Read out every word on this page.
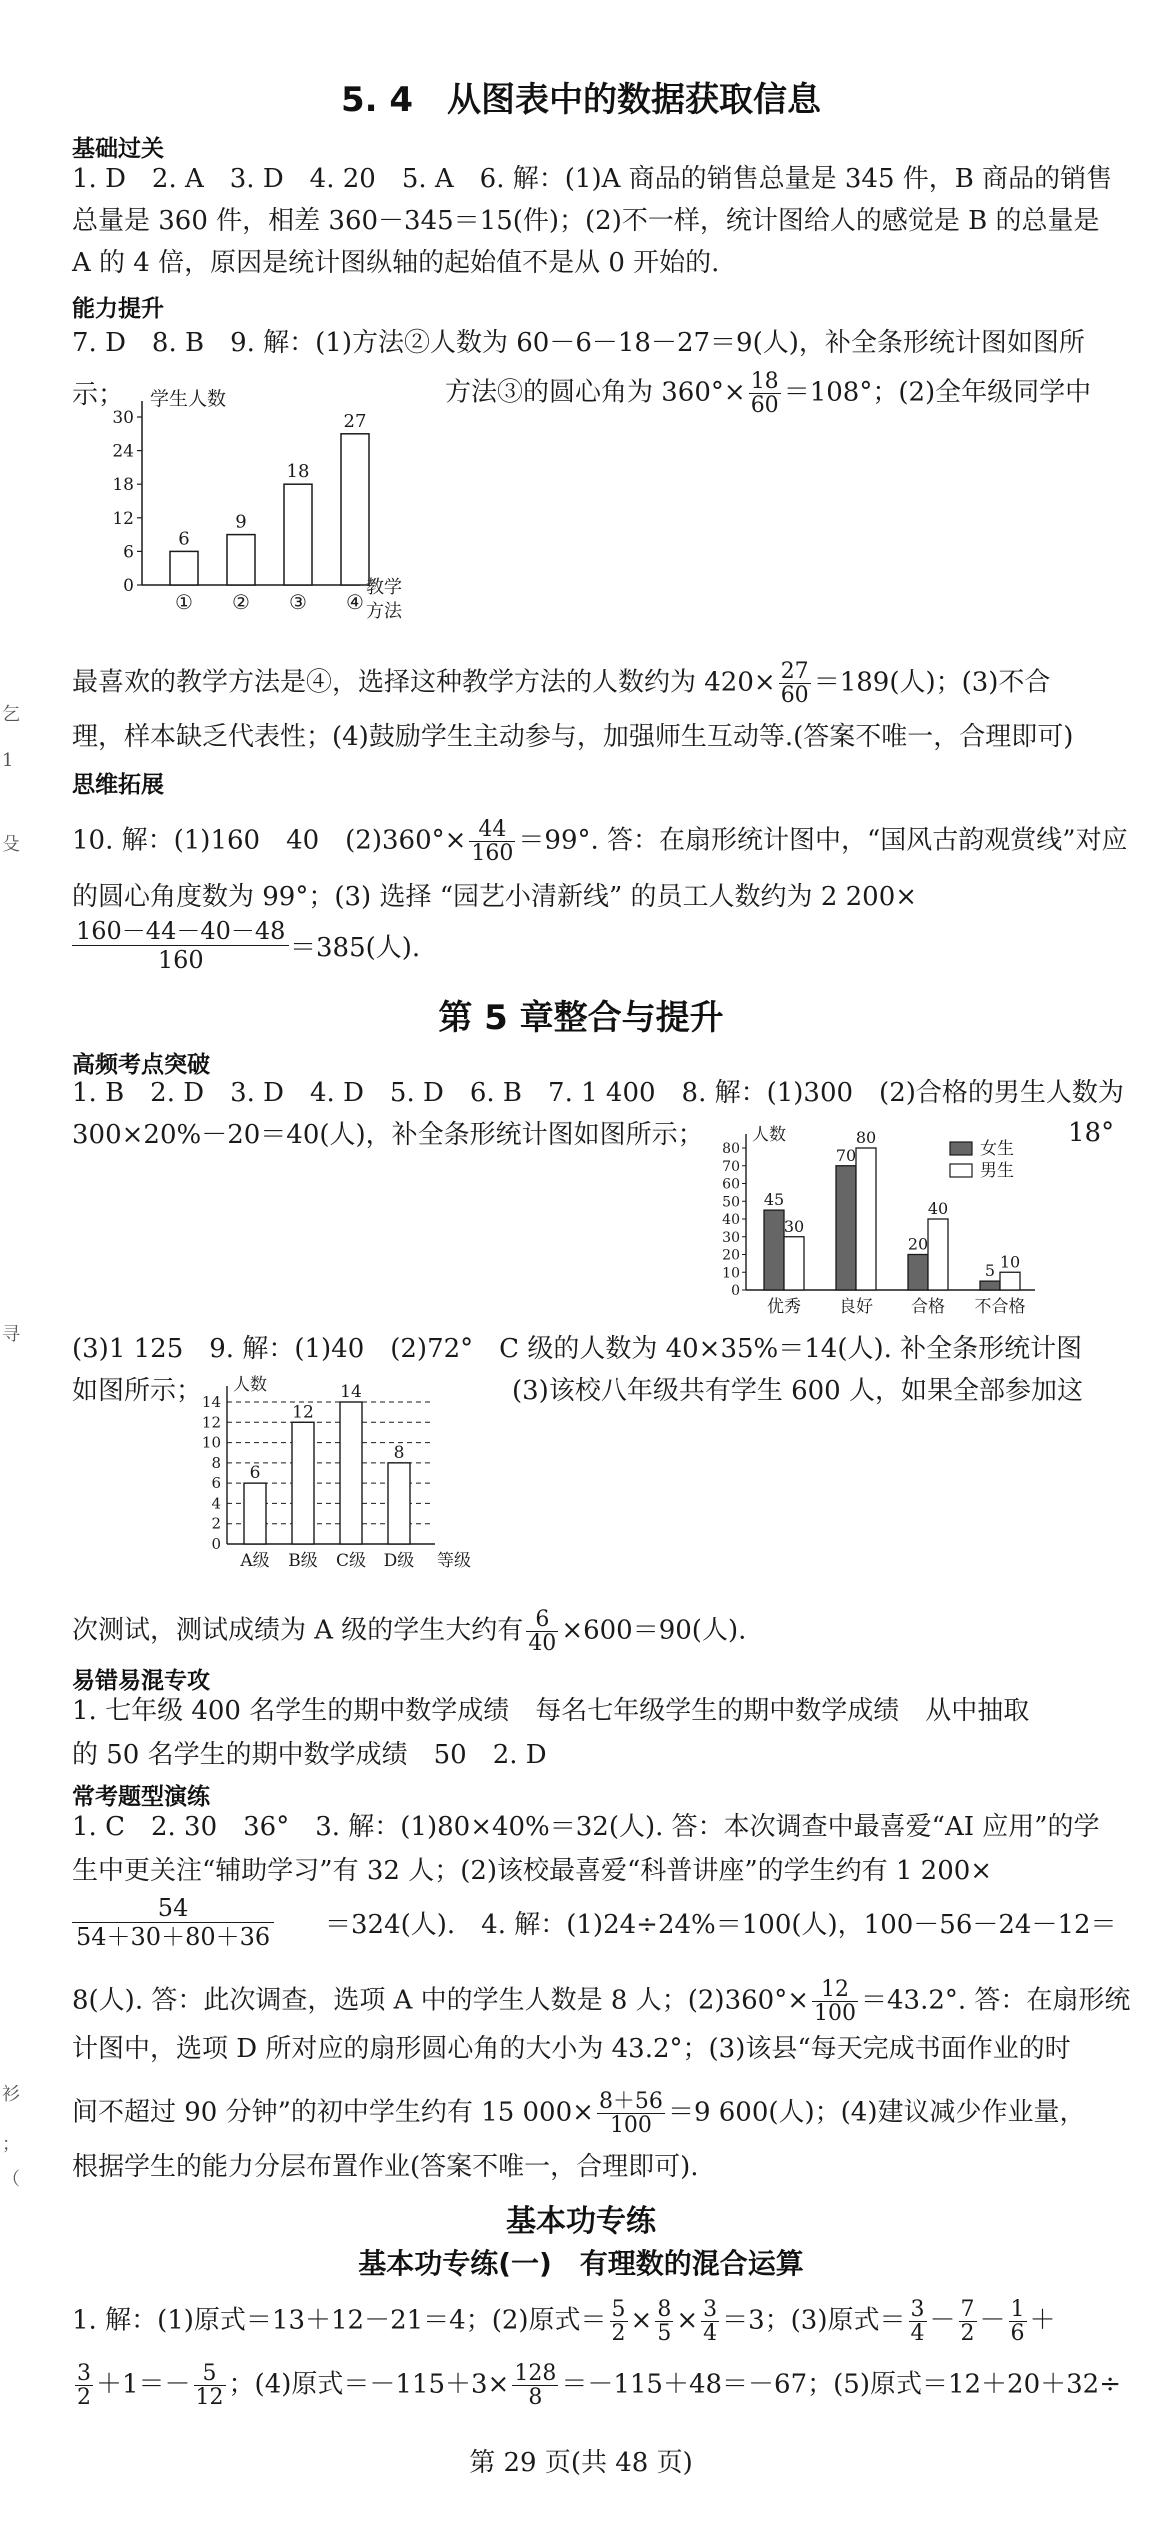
乞
1
殳
寻
衫
；
（
5. 4　从图表中的数据获取信息
基础过关
1. D　2. A　3. D　4. 20　5. A　6. 解：(1)A 商品的销售总量是 345 件，B 商品的销售
总量是 360 件，相差 360－345＝15(件)；(2)不一样，统计图给人的感觉是 B 的总量是
A 的 4 倍，原因是统计图纵轴的起始值不是从 0 开始的.
能力提升
7. D　8. B　9. 解：(1)方法②人数为 60－6－18－27＝9(人)，补全条形统计图如图所
示；	方法③的圆心角为 $360^\circ\times \frac{18}{60} =108^\circ$；(2)全年级同学中
学生人数
0
6
12
18
24
30
6
①
9
②
18
③
27
④
教学
方法
最喜欢的教学方法是④，选择这种教学方法的人数约为 $420\times \frac{27}{60} =189$(人)；(3)不合
理，样本缺乏代表性；(4)鼓励学生主动参与，加强师生互动等.(答案不唯一，合理即可)
思维拓展
10. 解：(1)160　40　$(2)360^\circ\times \frac{44}{160} =99^\circ$. 答：在扇形统计图中，“国风古韵观赏线”对应
的圆心角度数为 99°；(3) 选择 “园艺小清新线” 的员工人数约为 2 200×
160－44－40－48
160	＝385(人).
第 5 章整合与提升
高频考点突破
1. B　2. D　3. D　4. D　5. D　6. B　7. 1 400　8. 解：(1)300　(2)合格的男生人数为
300×20%－20＝40(人)，补全条形统计图如图所示；	18°
人数
0
10
20
30
40
50
60
70
80
45
30
优秀
70
80
良好
20
40
合格
5 10
不合格
女生
男生
(3)1 125　9. 解：(1)40　(2)72°　C 级的人数为 40×35%＝14(人). 补全条形统计图
如图所示；	(3)该校八年级共有学生 600 人，如果全部参加这
0
2
4
6
8
10
12
14
人数
6
A级
12
B级
14
C级
8
D级 等级
次测试，测试成绩为 A 级的学生大约有 $\frac{6}{40} \times 600=90$(人).
易错易混专攻
1. 七年级 400 名学生的期中数学成绩　每名七年级学生的期中数学成绩　从中抽取
的 50 名学生的期中数学成绩　50　2. D
常考题型演练
1. C　2. 30　36°　3. 解：(1)80×40%＝32(人). 答：本次调查中最喜爱“AI 应用”的学
生中更关注“辅助学习”有 32 人；(2)该校最喜爱“科普讲座”的学生约有 1 200×
54
54＋30＋80＋36 ＝324(人).　4. 解：(1)24÷24%＝100(人)，100－56－24－12＝
8(人). 答：此次调查，选项 A 中的学生人数是 8 人；$(2)360^\circ\times \frac{12}{100} =43.2^\circ$. 答：在扇形统
计图中，选项 D 所对应的扇形圆心角的大小为 43.2°；(3)该县“每天完成书面作业的时
间不超过 90 分钟”的初中学生约有 15 $000\times \frac{8+56}{100} =9$ 600(人)；(4)建议减少作业量，
根据学生的能力分层布置作业(答案不唯一，合理即可).
基本功专练
基本功专练(一)　有理数的混合运算
1. 解：(1)原式＝13＋12－21＝4；(2)原式＝ $\frac{5}{2} \times \frac{8}{5} \times \frac{3}{4} =3$；(3)原式＝ $\frac{3}{4} - \frac{7}{2} - \frac{1}{6}$ ＋
$\frac{3}{2} +1=- \frac{5}{12}$ ；(4)原式$=-115+3\times \frac{128}{8} =-115+48=-67$；(5)原式＝12＋20＋32÷
第 29 页(共 48 页)
